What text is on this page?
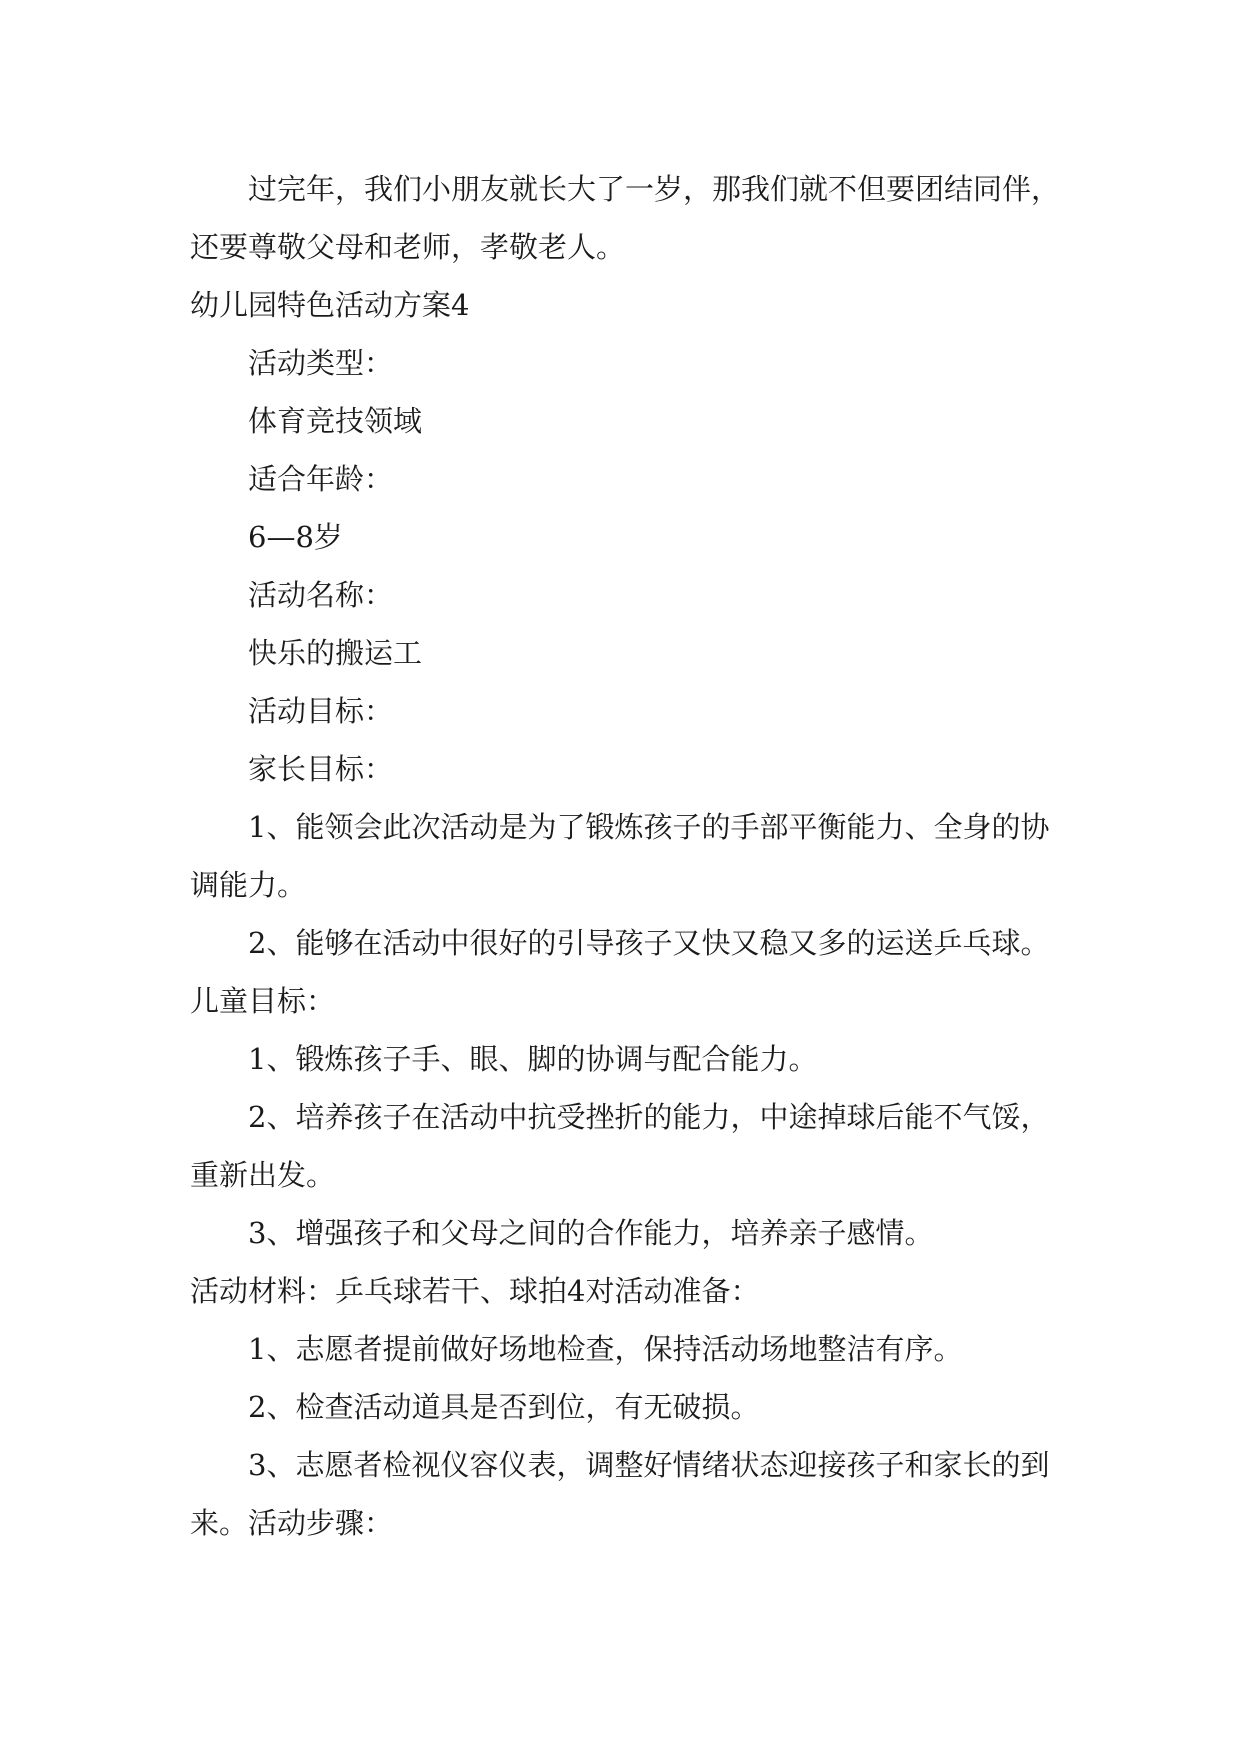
过完年，我们小朋友就长大了一岁，那我们就不但要团结同伴，还要尊敬父母和老师，孝敬老人。

幼儿园特色活动方案4

活动类型：

体育竞技领域

适合年龄：

6—8岁

活动名称：

快乐的搬运工

活动目标：

家长目标：

1、能领会此次活动是为了锻炼孩子的手部平衡能力、全身的协调能力。

2、能够在活动中很好的引导孩子又快又稳又多的运送乒乓球。儿童目标：

1、锻炼孩子手、眼、脚的协调与配合能力。

2、培养孩子在活动中抗受挫折的能力，中途掉球后能不气馁，重新出发。

3、增强孩子和父母之间的合作能力，培养亲子感情。

活动材料：乒乓球若干、球拍4对活动准备：

1、志愿者提前做好场地检查，保持活动场地整洁有序。

2、检查活动道具是否到位，有无破损。

3、志愿者检视仪容仪表，调整好情绪状态迎接孩子和家长的到来。活动步骤：
